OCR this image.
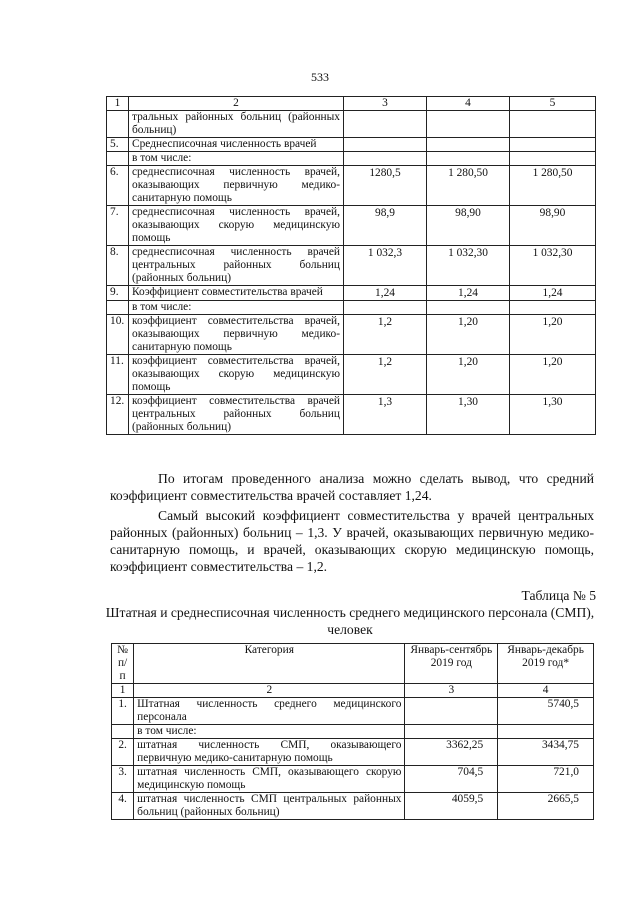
533
1	2	3	4	5
	тральных районных больниц (районных больниц)			
5.	Среднесписочная численность врачей			
	в том числе:			
6.	среднесписочная численность врачей, оказывающих первичную медико-санитарную помощь	1280,5	1 280,50	1 280,50
7.	среднесписочная численность врачей, оказывающих скорую медицинскую помощь	98,9	98,90	98,90
8.	среднесписочная численность врачей центральных районных больниц (районных больниц)	1 032,3	1 032,30	1 032,30
9.	Коэффициент совместительства врачей	1,24	1,24	1,24
	в том числе:			
10.	коэффициент совместительства врачей, оказывающих первичную медико-санитарную помощь	1,2	1,20	1,20
11.	коэффициент совместительства врачей, оказывающих скорую медицинскую помощь	1,2	1,20	1,20
12.	коэффициент совместительства врачей центральных районных больниц (районных больниц)	1,3	1,30	1,30

По итогам проведенного анализа можно сделать вывод, что средний коэффициент совместительства врачей составляет 1,24.

Самый высокий коэффициент совместительства у врачей центральных районных (районных) больниц – 1,3. У врачей, оказывающих первичную медико-санитарную помощь, и врачей, оказывающих скорую медицинскую помощь, коэффициент совместительства – 1,2.

Таблица № 5
Штатная и среднесписочная численность среднего медицинского персонала (СМП), человек
№ п/п	Категория	Январь-сентябрь 2019 год	Январь-декабрь 2019 год*
1	2	3	4
1.	Штатная численность среднего медицинского персонала		5740,5
	в том числе:		
2.	штатная численность СМП, оказывающего первичную медико-санитарную помощь	3362,25	3434,75
3.	штатная численность СМП, оказывающего скорую медицинскую помощь	704,5	721,0
4.	штатная численность СМП центральных районных больниц (районных больниц)	4059,5	2665,5
